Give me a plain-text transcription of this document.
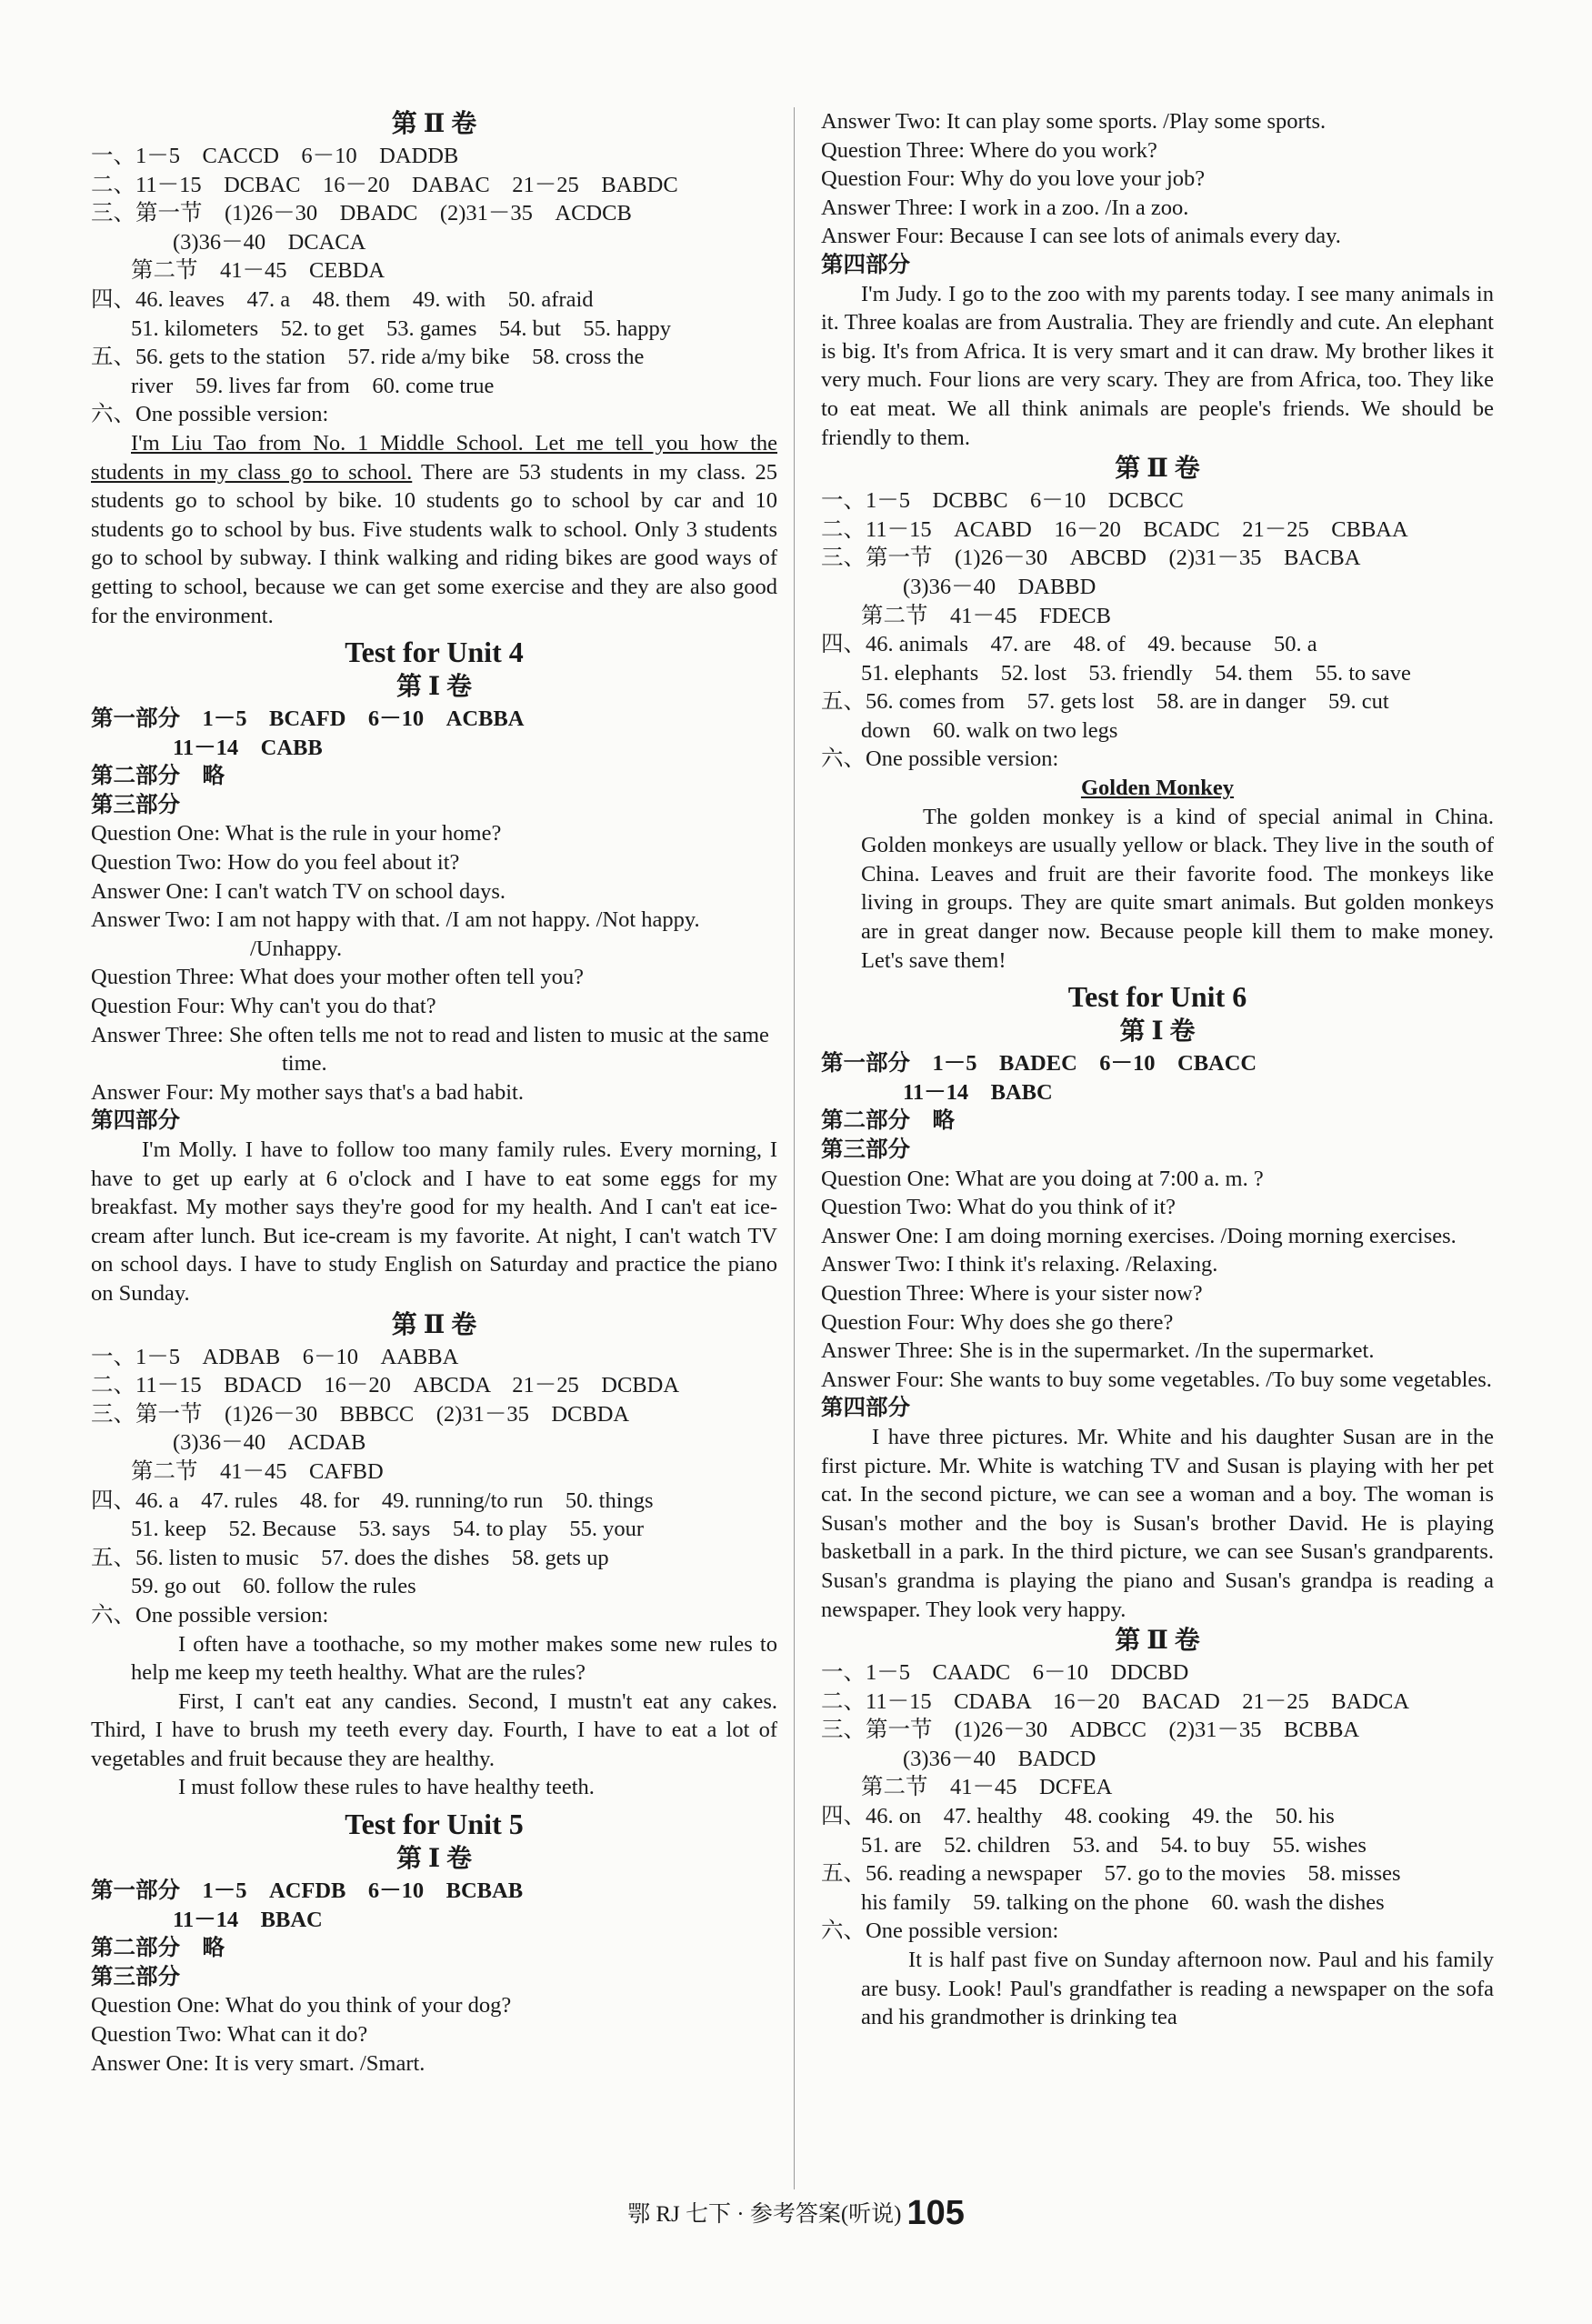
第 Ⅱ 卷
一、1－5　CACCD　6－10　DADDB
二、11－15　DCBAC　16－20　DABAC　21－25　BABDC
三、第一节　(1)26－30　DBADC　(2)31－35　ACDCB
(3)36－40　DCACA
第二节　41－45　CEBDA
四、46. leaves　47. a　48. them　49. with　50. afraid
51. kilometers　52. to get　53. games　54. but　55. happy
五、56. gets to the station　57. ride a/my bike　58. cross the
river　59. lives far from　60. come true
六、One possible version:
I'm Liu Tao from No. 1 Middle School. Let me tell you how the students in my class go to school. There are 53 students in my class. 25 students go to school by bike. 10 students go to school by car and 10 students go to school by bus. Five students walk to school. Only 3 students go to school by subway. I think walking and riding bikes are good ways of getting to school, because we can get some exercise and they are also good for the environment.
Test for Unit 4
第 Ⅰ 卷
第一部分　1－5　BCAFD　6－10　ACBBA
11－14　CABB
第二部分　略
第三部分
Question One: What is the rule in your home?
Question Two: How do you feel about it?
Answer One: I can't watch TV on school days.
Answer Two: I am not happy with that. /I am not happy. /Not happy. /Unhappy.
Question Three: What does your mother often tell you?
Question Four: Why can't you do that?
Answer Three: She often tells me not to read and listen to music at the same time.
Answer Four: My mother says that's a bad habit.
第四部分
I'm Molly. I have to follow too many family rules. Every morning, I have to get up early at 6 o'clock and I have to eat some eggs for my breakfast. My mother says they're good for my health. And I can't eat ice-cream after lunch. But ice-cream is my favorite. At night, I can't watch TV on school days. I have to study English on Saturday and practice the piano on Sunday.
第 Ⅱ 卷
一、1－5　ADBAB　6－10　AABBA
二、11－15　BDACD　16－20　ABCDA　21－25　DCBDA
三、第一节　(1)26－30　BBBCC　(2)31－35　DCBDA
(3)36－40　ACDAB
第二节　41－45　CAFBD
四、46. a　47. rules　48. for　49. running/to run　50. things
51. keep　52. Because　53. says　54. to play　55. your
五、56. listen to music　57. does the dishes　58. gets up
59. go out　60. follow the rules
六、One possible version:
I often have a toothache, so my mother makes some new rules to help me keep my teeth healthy. What are the rules?
First, I can't eat any candies. Second, I mustn't eat any cakes. Third, I have to brush my teeth every day. Fourth, I have to eat a lot of vegetables and fruit because they are healthy.
I must follow these rules to have healthy teeth.
Test for Unit 5
第 Ⅰ 卷
第一部分　1－5　ACFDB　6－10　BCBAB
11－14　BBAC
第二部分　略
第三部分
Question One: What do you think of your dog?
Question Two: What can it do?
Answer One: It is very smart. /Smart.
Answer Two: It can play some sports. /Play some sports.
Question Three: Where do you work?
Question Four: Why do you love your job?
Answer Three: I work in a zoo. /In a zoo.
Answer Four: Because I can see lots of animals every day.
第四部分
I'm Judy. I go to the zoo with my parents today. I see many animals in it. Three koalas are from Australia. They are friendly and cute. An elephant is big. It's from Africa. It is very smart and it can draw. My brother likes it very much. Four lions are very scary. They are from Africa, too. They like to eat meat. We all think animals are people's friends. We should be friendly to them.
第 Ⅱ 卷
一、1－5　DCBBC　6－10　DCBCC
二、11－15　ACABD　16－20　BCADC　21－25　CBBAA
三、第一节　(1)26－30　ABCBD　(2)31－35　BACBA
(3)36－40　DABBD
第二节　41－45　FDECB
四、46. animals　47. are　48. of　49. because　50. a
51. elephants　52. lost　53. friendly　54. them　55. to save
五、56. comes from　57. gets lost　58. are in danger　59. cut
down　60. walk on two legs
六、One possible version:
Golden Monkey
The golden monkey is a kind of special animal in China. Golden monkeys are usually yellow or black. They live in the south of China. Leaves and fruit are their favorite food. The monkeys like living in groups. They are quite smart animals. But golden monkeys are in great danger now. Because people kill them to make money. Let's save them!
Test for Unit 6
第 Ⅰ 卷
第一部分　1－5　BADEC　6－10　CBACC
11－14　BABC
第二部分　略
第三部分
Question One: What are you doing at 7:00 a. m. ?
Question Two: What do you think of it?
Answer One: I am doing morning exercises. /Doing morning exercises.
Answer Two: I think it's relaxing. /Relaxing.
Question Three: Where is your sister now?
Question Four: Why does she go there?
Answer Three: She is in the supermarket. /In the supermarket.
Answer Four: She wants to buy some vegetables. /To buy some vegetables.
第四部分
I have three pictures. Mr. White and his daughter Susan are in the first picture. Mr. White is watching TV and Susan is playing with her pet cat. In the second picture, we can see a woman and a boy. The woman is Susan's mother and the boy is Susan's brother David. He is playing basketball in a park. In the third picture, we can see Susan's grandparents. Susan's grandma is playing the piano and Susan's grandpa is reading a newspaper. They look very happy.
第 Ⅱ 卷
一、1－5　CAADC　6－10　DDCBD
二、11－15　CDABA　16－20　BACAD　21－25　BADCA
三、第一节　(1)26－30　ADBCC　(2)31－35　BCBBA
(3)36－40　BADCD
第二节　41－45　DCFEA
四、46. on　47. healthy　48. cooking　49. the　50. his
51. are　52. children　53. and　54. to buy　55. wishes
五、56. reading a newspaper　57. go to the movies　58. misses
his family　59. talking on the phone　60. wash the dishes
六、One possible version:
It is half past five on Sunday afternoon now. Paul and his family are busy. Look! Paul's grandfather is reading a newspaper on the sofa and his grandmother is drinking tea
鄂 RJ 七下 · 参考答案(听说) 105
